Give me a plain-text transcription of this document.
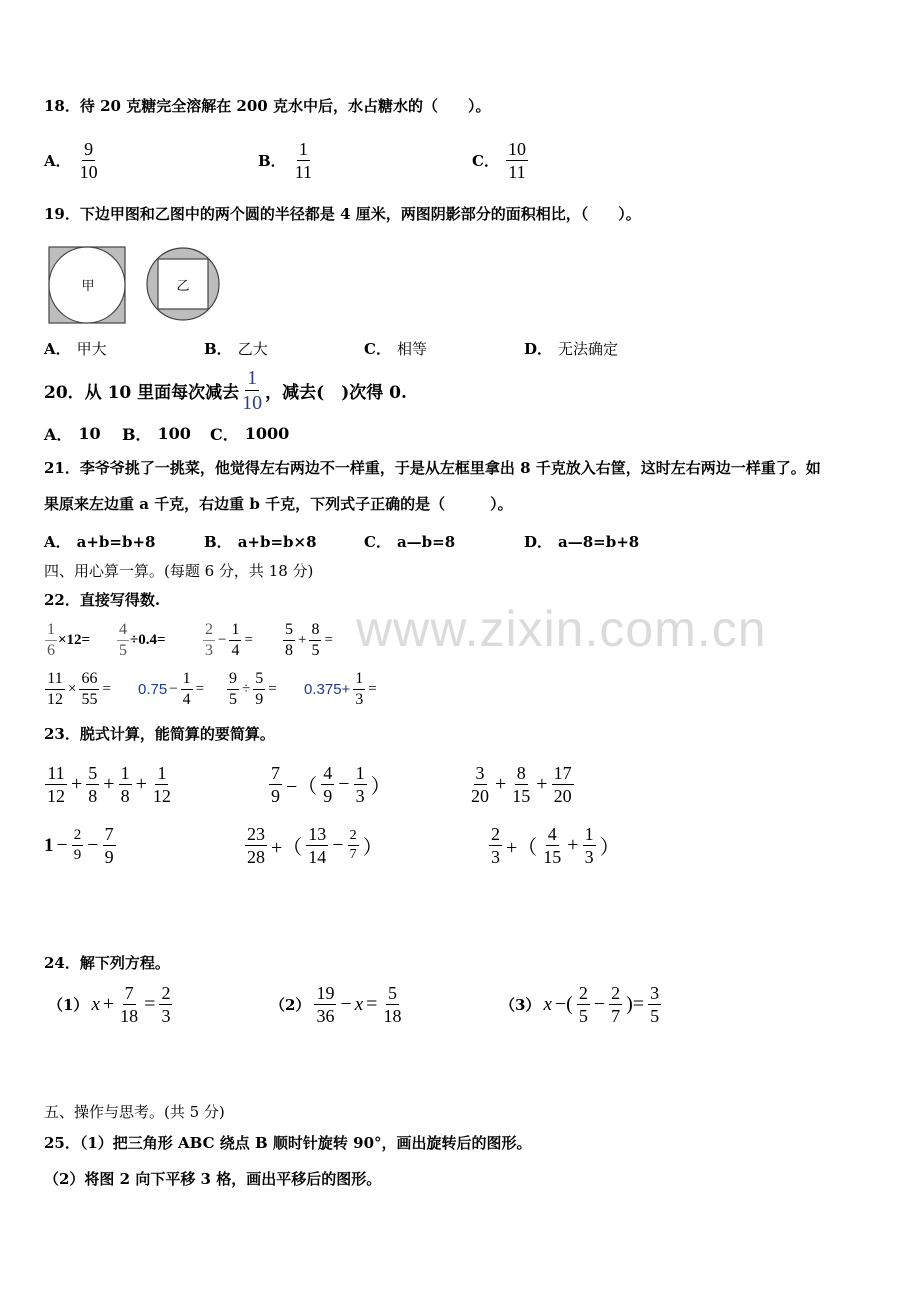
www.zixin.com.cn
18．待 20 克糖完全溶解在 200 克水中后，水占糖水的（　　）。
A． $\frac{9}{10}$	B． $\frac{1}{11}$	C． $\frac{10}{11}$
19．下边甲图和乙图中的两个圆的半径都是 4 厘米，两图阴影部分的面积相比，（　　）。
甲	乙
A． 甲大	B． 乙大	C． 相等	D． 无法确定
20．从 10 里面每次减去 $\frac{1}{10}$ ，减去(　)次得 0.
A． 10 B． 100 C． 1000
21．李爷爷挑了一挑菜，他觉得左右两边不一样重，于是从左框里拿出 8 千克放入右筐，这时左右两边一样重了。如
果原来左边重 a 千克，右边重 b 千克，下列式子正确的是（　　　）。
A． a+b=b+8	B． a+b=b×8	C． a—b=8	D． a—8=b+8
四、用心算一算。(每题 6 分，共 18 分)
22．直接写得数.
$\frac{1}{6} \times 12= \frac{4}{5} \div 0.4= \frac{2}{3} - \frac{1}{4} = \frac{5}{8} + \frac{8}{5}$ =
$\frac{11}{12} \times \frac{66}{55} = 0.75 - \frac{1}{4} = \frac{9}{5} \div \frac{5}{9} = 0.375+ \frac{1}{3}$ =
23．脱式计算，能简算的要简算。
$\frac{11}{12} + \frac{5}{8} + \frac{1}{8} + \frac{1}{12}$	$\frac{7}{9}$ −（ $\frac{4}{9} - \frac{1}{3}$ ）	$\frac{3}{20} + \frac{8}{15} + \frac{17}{20}$
$1 - \frac{2}{9} - \frac{7}{9}$	$\frac{23}{28}$ +（ $\frac{13}{14} - \frac{2}{7}$ ）	$\frac{2}{3}$ +（ $\frac{4}{15} + \frac{1}{3}$ ）
24．解下列方程。
（1） $x + \frac{7}{18} = \frac{2}{3}$	$(2) \frac{19}{36} - x = \frac{5}{18}$	（3） x −( $\frac{2}{5} - \frac{2}{7}$ )= $\frac{3}{5}$
五、操作与思考。(共 5 分)
25．（1）把三角形 ABC 绕点 B 顺时针旋转 90°，画出旋转后的图形。
（2）将图 2 向下平移 3 格，画出平移后的图形。
